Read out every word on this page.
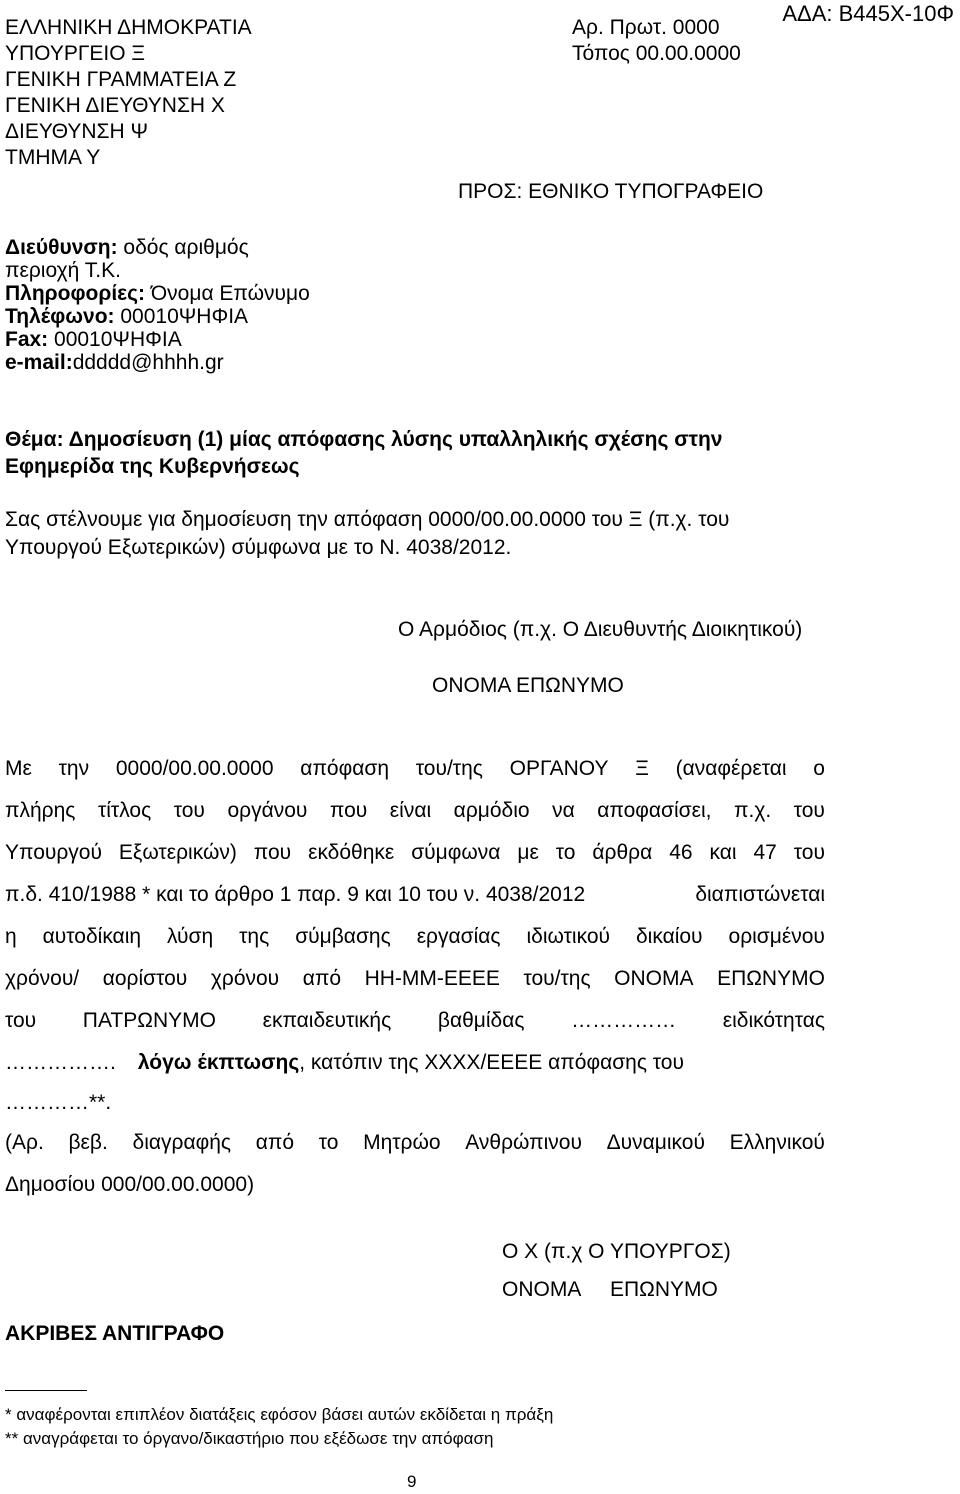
ΕΛΛΗΝΙΚΗ ΔΗΜΟΚΡΑΤΙΑ
ΥΠΟΥΡΓΕΙΟ Ξ
ΓΕΝΙΚΗ ΓΡΑΜΜΑΤΕΙΑ Ζ
ΓΕΝΙΚΗ ΔΙΕΥΘΥΝΣΗ Χ
ΔΙΕΥΘΥΝΣΗ Ψ
ΤΜΗΜΑ Υ
ΑΔΑ: Β445Χ-10Φ
Αρ. Πρωτ. 0000
Τόπος 00.00.0000
ΠΡΟΣ: ΕΘΝΙΚΟ ΤΥΠΟΓΡΑΦΕΙΟ
Διεύθυνση: οδός αριθμός
περιοχή Τ.Κ.
Πληροφορίες: Όνομα Επώνυμο
Τηλέφωνο: 00010ΨΗΦΙΑ
Fax: 00010ΨΗΦΙΑ
e-mail:ddddd@hhhh.gr
Θέμα: Δημοσίευση (1) μίας απόφασης λύσης υπαλληλικής σχέσης στην
Εφημερίδα της Κυβερνήσεως
Σας στέλνουμε για δημοσίευση την απόφαση 0000/00.00.0000 του Ξ (π.χ. του
Υπουργού Εξωτερικών) σύμφωνα με το Ν. 4038/2012.
Ο Αρμόδιος (π.χ. Ο Διευθυντής Διοικητικού)
ΟΝΟΜΑ ΕΠΩΝΥΜΟ
Με την 0000/00.00.0000 απόφαση του/της ΟΡΓΑΝΟΥ Ξ (αναφέρεται ο
πλήρης τίτλος του οργάνου που είναι αρμόδιο να αποφασίσει, π.χ. του
Υπουργού Εξωτερικών) που εκδόθηκε σύμφωνα με το άρθρα 46 και 47 του
π.δ. 410/1988 * και το άρθρο 1 παρ. 9 και 10 του ν. 4038/2012	διαπιστώνεται
η αυτοδίκαιη λύση της σύμβασης εργασίας ιδιωτικού δικαίου ορισμένου
χρόνου/ αορίστου χρόνου από ΗΗ-ΜΜ-ΕΕΕΕ του/της ΟΝΟΜΑ ΕΠΩΝΥΜΟ
του ΠΑΤΡΩΝΥΜΟ εκπαιδευτικής βαθμίδας …………… ειδικότητας
……………. λόγω έκπτωσης , κατόπιν της ΧΧΧΧ/ΕΕΕΕ απόφασης του
…………**.
(Αρ. βεβ. διαγραφής από το Μητρώο Ανθρώπινου Δυναμικού Ελληνικού
Δημοσίου 000/00.00.0000)
Ο Χ (π.χ Ο ΥΠΟΥΡΓΟΣ)
ΟΝΟΜΑ ΕΠΩΝΥΜΟ
ΑΚΡΙΒΕΣ ΑΝΤΙΓΡΑΦΟ
* αναφέρονται επιπλέον διατάξεις εφόσον βάσει αυτών εκδίδεται η πράξη
** αναγράφεται το όργανο/δικαστήριο που εξέδωσε την απόφαση
9
